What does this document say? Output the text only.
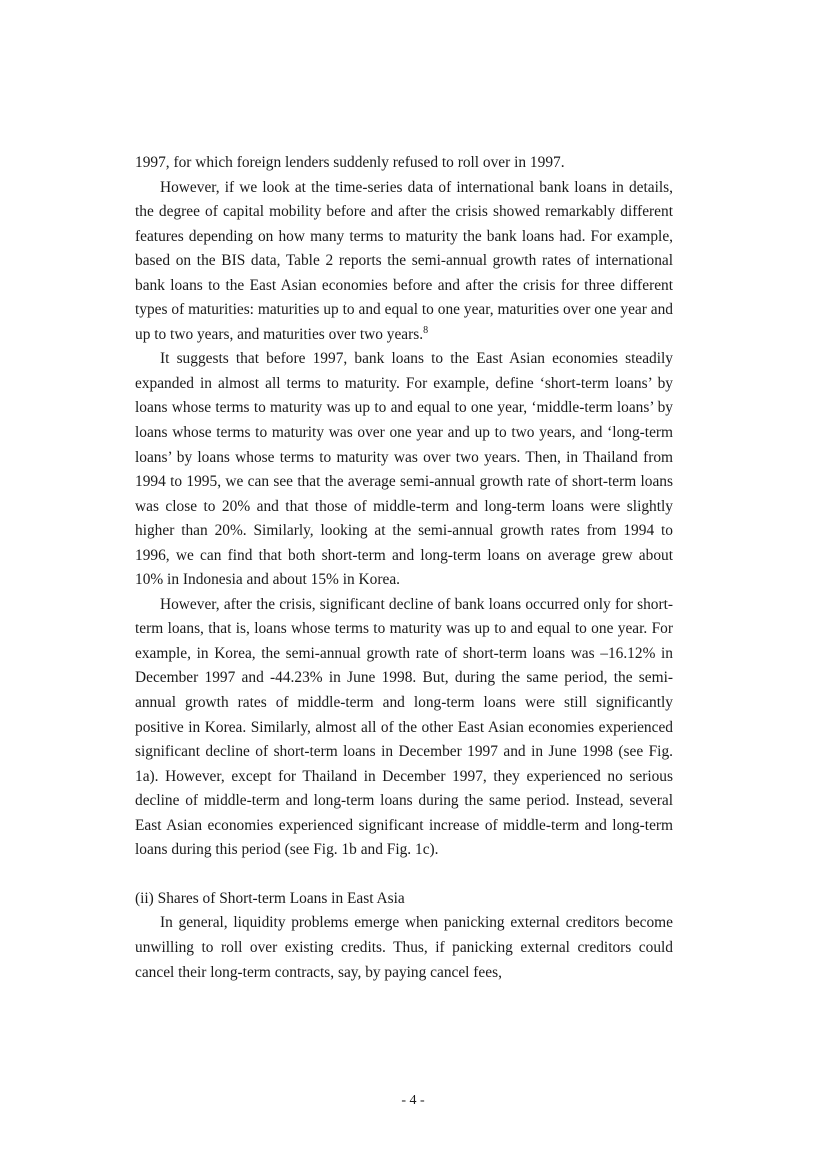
1997, for which foreign lenders suddenly refused to roll over in 1997.

However, if we look at the time-series data of international bank loans in details, the degree of capital mobility before and after the crisis showed remarkably different features depending on how many terms to maturity the bank loans had. For example, based on the BIS data, Table 2 reports the semi-annual growth rates of international bank loans to the East Asian economies before and after the crisis for three different types of maturities: maturities up to and equal to one year, maturities over one year and up to two years, and maturities over two years.$^8$

It suggests that before 1997, bank loans to the East Asian economies steadily expanded in almost all terms to maturity. For example, define ‘short-term loans’ by loans whose terms to maturity was up to and equal to one year, ‘middle-term loans’ by loans whose terms to maturity was over one year and up to two years, and ‘long-term loans’ by loans whose terms to maturity was over two years. Then, in Thailand from 1994 to 1995, we can see that the average semi-annual growth rate of short-term loans was close to 20% and that those of middle-term and long-term loans were slightly higher than 20%. Similarly, looking at the semi-annual growth rates from 1994 to 1996, we can find that both short-term and long-term loans on average grew about 10% in Indonesia and about 15% in Korea.

However, after the crisis, significant decline of bank loans occurred only for short-term loans, that is, loans whose terms to maturity was up to and equal to one year. For example, in Korea, the semi-annual growth rate of short-term loans was –16.12% in December 1997 and -44.23% in June 1998. But, during the same period, the semi-annual growth rates of middle-term and long-term loans were still significantly positive in Korea. Similarly, almost all of the other East Asian economies experienced significant decline of short-term loans in December 1997 and in June 1998 (see Fig. 1a). However, except for Thailand in December 1997, they experienced no serious decline of middle-term and long-term loans during the same period. Instead, several East Asian economies experienced significant increase of middle-term and long-term loans during this period (see Fig. 1b and Fig. 1c).

(ii) Shares of Short-term Loans in East Asia

In general, liquidity problems emerge when panicking external creditors become unwilling to roll over existing credits. Thus, if panicking external creditors could cancel their long-term contracts, say, by paying cancel fees,

- 4 -
